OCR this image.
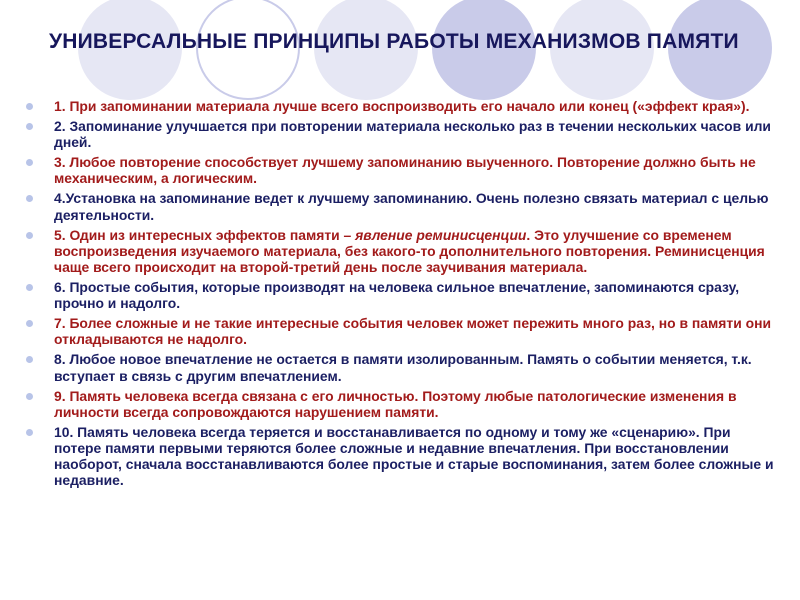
УНИВЕРСАЛЬНЫЕ ПРИНЦИПЫ РАБОТЫ МЕХАНИЗМОВ ПАМЯТИ
1. При запоминании материала лучше всего воспроизводить его начало или конец («эффект края»).
2. Запоминание улучшается при повторении материала несколько раз в течении нескольких часов или дней.
3. Любое повторение способствует лучшему запоминанию выученного. Повторение должно быть не механическим, а логическим.
4.Установка на запоминание ведет к лучшему запоминанию. Очень полезно связать материал с целью деятельности.
5. Один из интересных эффектов памяти – явление реминисценции. Это улучшение со временем воспроизведения изучаемого материала, без какого-то дополнительного повторения. Реминисценция чаще всего происходит на второй-третий день после заучивания материала.
6. Простые события, которые производят на человека сильное впечатление, запоминаются сразу, прочно и надолго.
7. Более сложные и не такие интересные события человек может пережить много раз, но в памяти они откладываются не надолго.
8. Любое новое впечатление не остается в памяти изолированным. Память о событии меняется, т.к. вступает в связь с другим впечатлением.
9. Память человека всегда связана с его личностью. Поэтому любые патологические изменения в личности всегда сопровождаются нарушением памяти.
10. Память человека всегда теряется и восстанавливается по одному и тому же «сценарию». При потере памяти первыми теряются более сложные и недавние впечатления. При восстановлении наоборот, сначала восстанавливаются более простые и старые воспоминания, затем более сложные и недавние.
